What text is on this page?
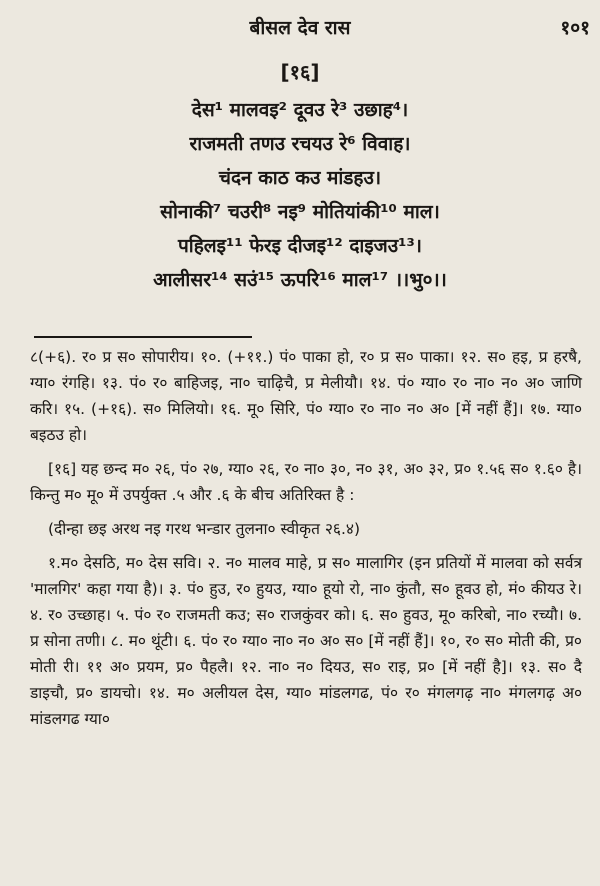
बीसल देव रास	१०१
[१६]
देस¹ मालवइ² दूवउ रे³ उछाह⁴।
राजमती तणउ रचयउ रे⁶ विवाह।
चंदन काठ कउ मांडहउ।
सोनाकी⁷ चउरी⁸ नइ⁹ मोतियांकी¹⁰ माल।
पहिलइ¹¹ फेरइ दीजइ¹² दाइजउ¹³।
आलीसर¹⁴ सउं¹⁵ ऊपरि¹⁶ माल¹⁷ ।।भु०।।

८(+६). र० प्र स० सोपारीय। १०. (+११.) पं० पाका हो, र० प्र स० पाका। १२. स० हइ, प्र हरषै, ग्या० रंगहि। १३. पं० र० बाहिजइ, ना० चाढ़िचै, प्र मेलीयौ। १४. पं० ग्या० र० ना० न० अ० जाणि करि। १५. (+१६). स० मिलियो। १६. मू० सिरि, पं० ग्या० र० ना० न० अ० [में नहीं हैं]। १७. ग्या० बइठउ हो।

[१६] यह छन्द म० २६, पं० २७, ग्या० २६, र० ना० ३०, न० ३१, अ० ३२, प्र० १.५६ स० १.६० है। किन्तु म० मू० में उपर्युक्त .५ और .६ के बीच अतिरिक्त है :

(दीन्हा छइ अरथ नइ गरथ भन्डार तुलना० स्वीकृत २६.४)

१.म० देसठि, म० देस सवि। २. न० मालव माहे, प्र स० मालागिर (इन प्रतियों में मालवा को सर्वत्र 'मालगिर' कहा गया है)। ३. पं० हुउ, र० हुयउ, ग्या० हूयो रो, ना० कुंतौ, स० हूवउ हो, मं० कीयउ रे। ४. र० उच्छाह। ५. पं० र० राजमती कउ; स० राजकुंवर को। ६. स० हुवउ, मू० करिबो, ना० रच्यौ। ७. प्र सोना तणी। ८. म० थूंटी। ६. पं० र० ग्या० ना० न० अ० स० [में नहीं हैं]। १०, र० स० मोती की, प्र० मोती री। ११ अ० प्रयम, प्र० पैहलै। १२. ना० न० दियउ, स० राइ, प्र० [में नहीं है]। १३. स० दै डाइचौ, प्र० डायचो। १४. म० अलीयल देस, ग्या० मांडलगढ, पं० र० मंगलगढ़ ना० मंगलगढ़ अ० मांडलगढ ग्या०
